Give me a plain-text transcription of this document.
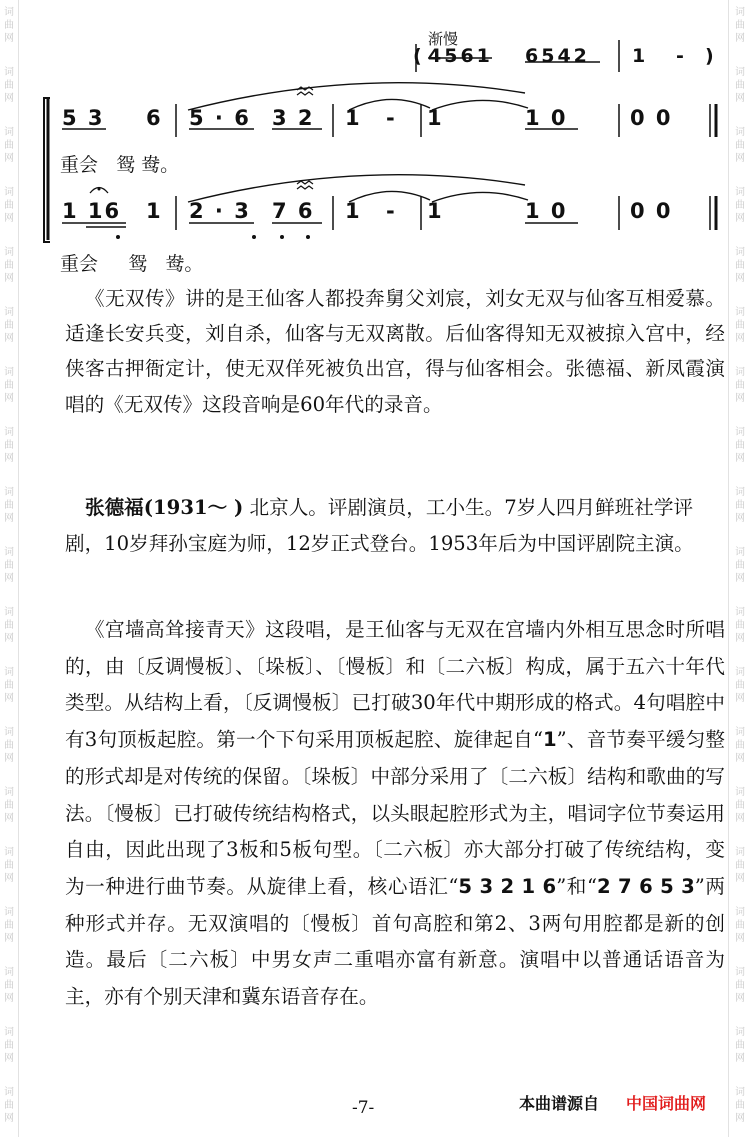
词
曲
网
词
曲
网
词
曲
网
词
曲
网
词
曲
网
词
曲
网
词
曲
网
词
曲
网
词
曲
网
词
曲
网
词
曲
网
词
曲
网
词
曲
网
词
曲
网
词
曲
网
词
曲
网
词
曲
网
词
曲
网
词
曲
网
词
曲
网
词
曲
网
词
曲
网
词
曲
网
词
曲
网
词
曲
网
词
曲
网
词
曲
网
词
曲
网
词
曲
网
词
曲
网
词
曲
网
词
曲
网
词
曲
网
词
曲
网
词
曲
网
词
曲
网
词
曲
网
词
曲
网
渐慢
( 4561 6542 1 - )
5 3 6 5 · 6 3 2 1 - 1	1 0	0 0
重会   鸳 鸯。
1 16 1 2 · 3 7 6 1 - 1	1 0	0 0
重会     鸳   鸯。

《无双传》讲的是王仙客人都投奔舅父刘宸，刘女无双与仙客互相爱慕。适逢长安兵变，刘自杀，仙客与无双离散。后仙客得知无双被掠入宫中，经侠客古押衙定计，使无双佯死被负出宫，得与仙客相会。张德福、新凤霞演唱的《无双传》这段音响是60年代的录音。

张德福(1931～ ) 北京人。评剧演员，工小生。7岁人四月鲜班社学评剧，10岁拜孙宝庭为师，12岁正式登台。1953年后为中国评剧院主演。

《宫墙高耸接青天》这段唱，是王仙客与无双在宫墙内外相互思念时所唱的，由〔反调慢板〕、〔垛板〕、〔慢板〕和〔二六板〕构成，属于五六十年代类型。从结构上看，〔反调慢板〕已打破30年代中期形成的格式。4句唱腔中有3句顶板起腔。第一个下句采用顶板起腔、旋律起自“1”、音节奏平缓匀整的形式却是对传统的保留。〔垛板〕中部分采用了〔二六板〕结构和歌曲的写法。〔慢板〕已打破传统结构格式，以头眼起腔形式为主，唱词字位节奏运用自由，因此出现了3板和5板句型。〔二六板〕亦大部分打破了传统结构，变为一种进行曲节奏。从旋律上看，核心语汇“5 3 2 1 6”和“2 7 6 5 3”两种形式并存。无双演唱的〔慢板〕首句高腔和第2、3两句用腔都是新的创造。最后〔二六板〕中男女声二重唱亦富有新意。演唱中以普通话语音为主，亦有个别天津和冀东语音存在。

-7-	本曲谱源自 中国词曲网
